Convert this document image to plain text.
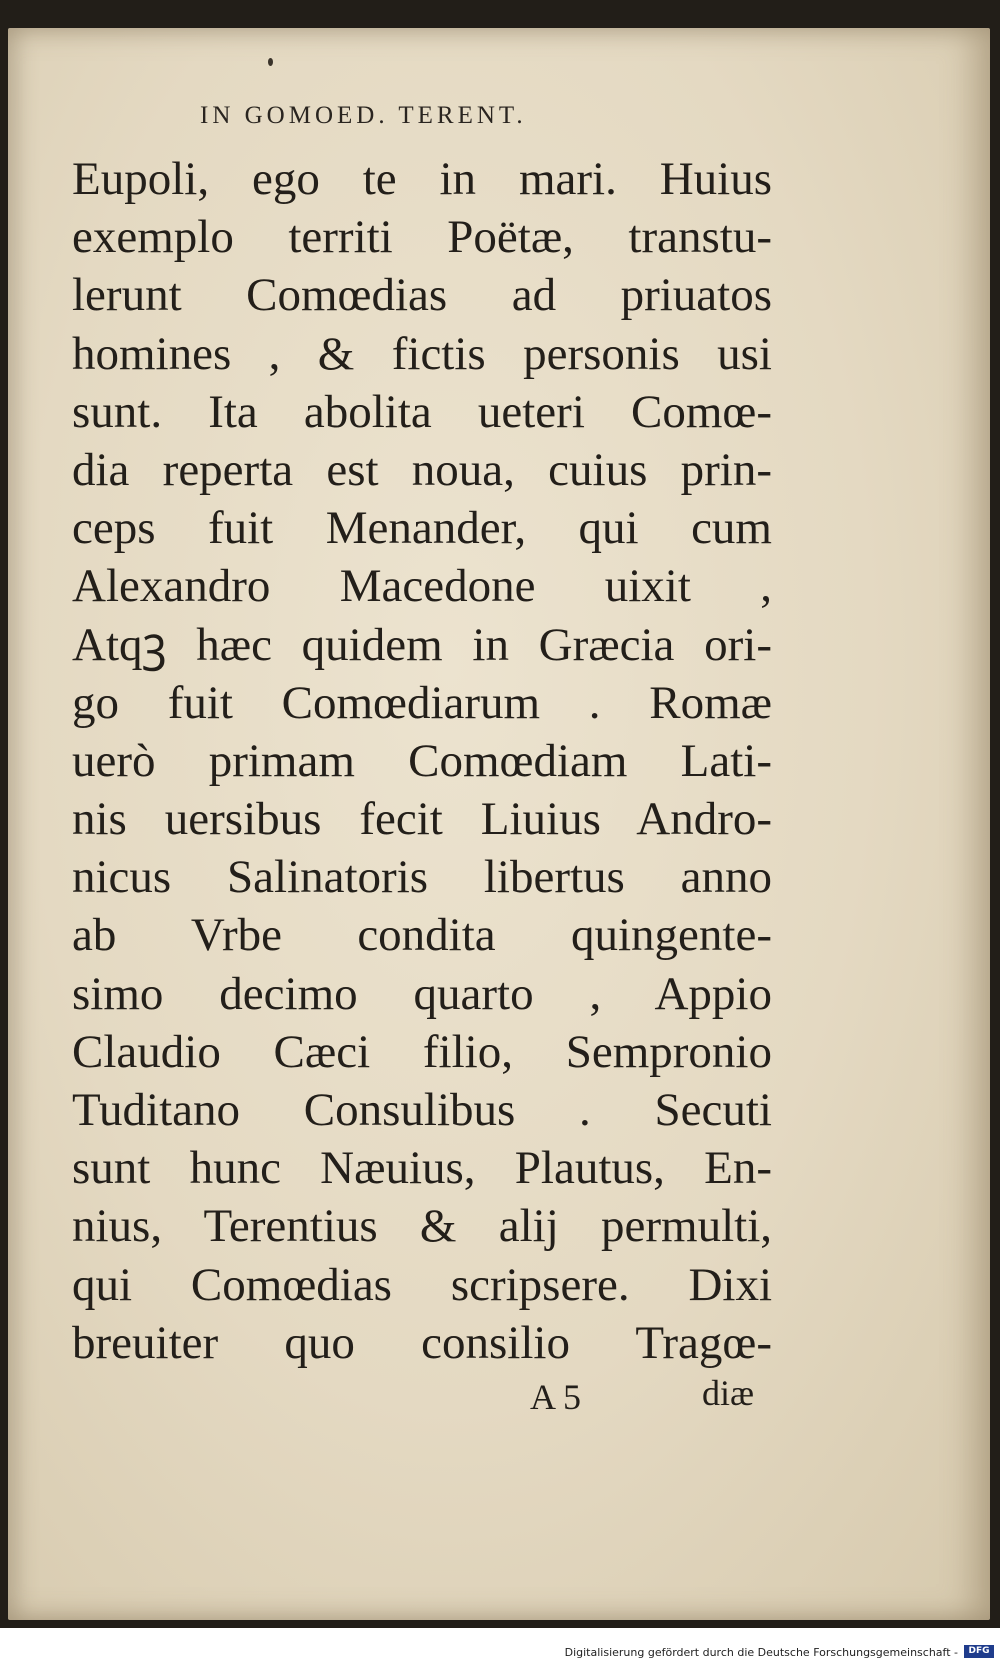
IN GOMOED. TERENT.
Eupoli, ego te in mari. Huius
exemplo territi Poëtæ, transtu-
lerunt Comœdias ad priuatos
homines , & fictis personis usi
sunt. Ita abolita ueteri Comœ-
dia reperta est noua, cuius prin-
ceps fuit Menander, qui cum
Alexandro Macedone uixit ,
Atqꝫ hæc quidem in Græcia ori-
go fuit Comœdiarum . Romæ
uerò primam Comœdiam Lati-
nis uersibus fecit Liuius Andro-
nicus Salinatoris libertus anno
ab Vrbe condita quingente-
simo decimo quarto , Appio
Claudio Cæci filio, Sempronio
Tuditano Consulibus . Secuti
sunt hunc Næuius, Plautus, En-
nius, Terentius & alij permulti,
qui Comœdias scripsere. Dixi
breuiter quo consilio Tragœ-
A 5	diæ
Digitalisierung gefördert durch die Deutsche Forschungsgemeinschaft -	DFG
